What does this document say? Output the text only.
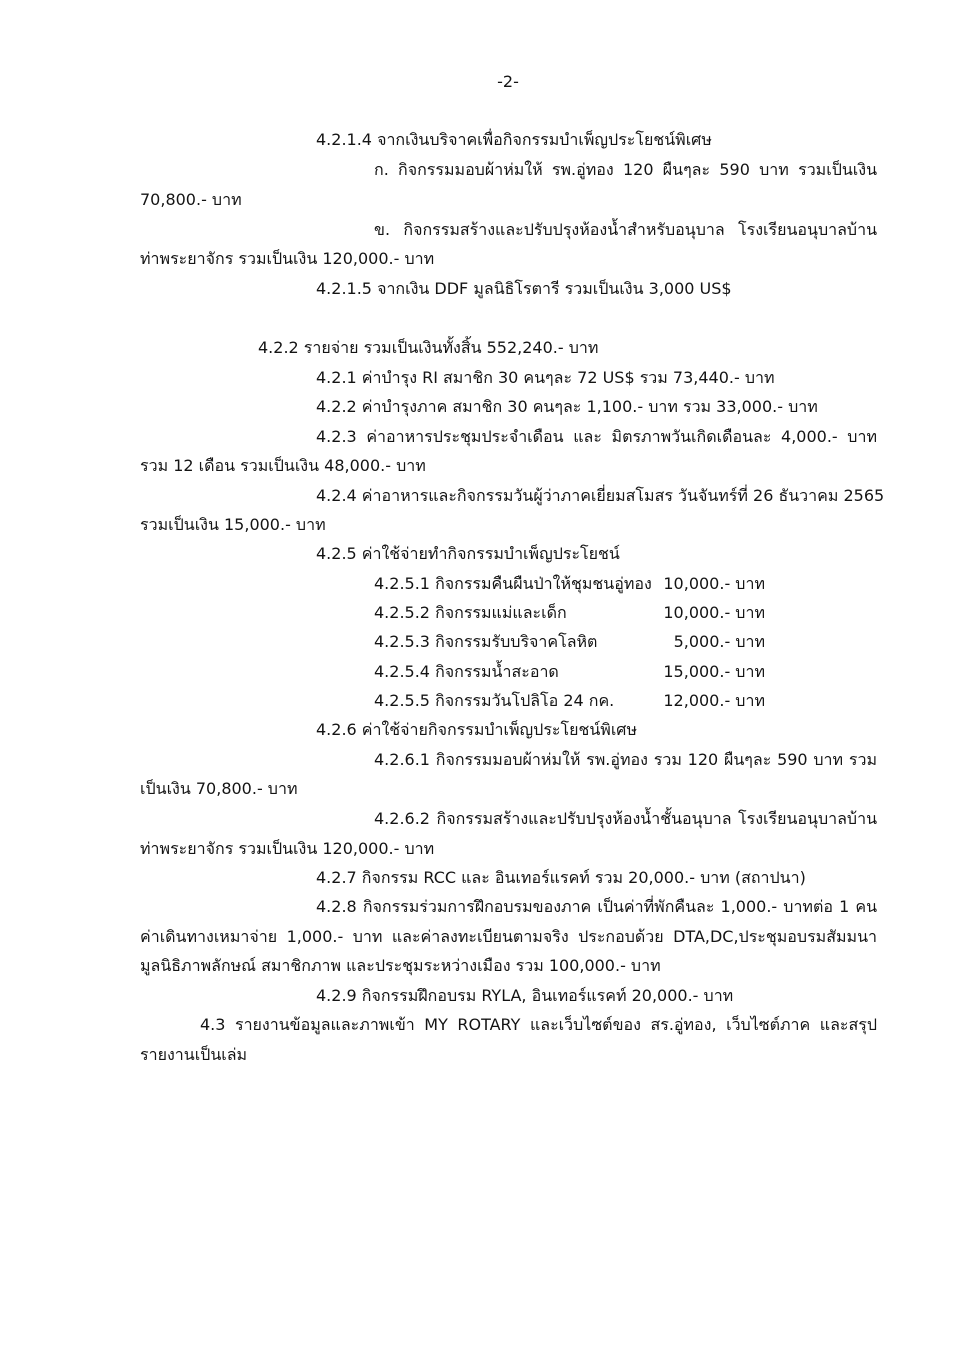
-2-
4.2.1.4 จากเงินบริจาคเพื่อกิจกรรมบำเพ็ญประโยชน์พิเศษ
ก. กิจกรรมมอบผ้าห่มให้ รพ.อู่ทอง 120 ผืนๆละ 590 บาท รวมเป็นเงิน
70,800.- บาท
ข. กิจกรรมสร้างและปรับปรุงห้องน้ำสำหรับอนุบาล โรงเรียนอนุบาลบ้าน
ท่าพระยาจักร รวมเป็นเงิน 120,000.- บาท
4.2.1.5 จากเงิน DDF มูลนิธิโรตารี รวมเป็นเงิน 3,000 US$
4.2.2 รายจ่าย รวมเป็นเงินทั้งสิ้น 552,240.- บาท
4.2.1 ค่าบำรุง RI สมาชิก 30 คนๆละ 72 US$ รวม 73,440.- บาท
4.2.2 ค่าบำรุงภาค สมาชิก 30 คนๆละ 1,100.- บาท รวม 33,000.- บาท
4.2.3 ค่าอาหารประชุมประจำเดือน และ มิตรภาพวันเกิดเดือนละ 4,000.- บาท
รวม 12 เดือน รวมเป็นเงิน 48,000.- บาท
4.2.4 ค่าอาหารและกิจกรรมวันผู้ว่าภาคเยี่ยมสโมสร วันจันทร์ที่ 26 ธันวาคม 2565
รวมเป็นเงิน 15,000.- บาท
4.2.5 ค่าใช้จ่ายทำกิจกรรมบำเพ็ญประโยชน์
4.2.5.1 กิจกรรมคืนผืนป่าให้ชุมชนอู่ทอง 10,000.- บาท
4.2.5.2 กิจกรรมแม่และเด็ก	10,000.- บาท
4.2.5.3 กิจกรรมรับบริจาคโลหิต	5,000.- บาท
4.2.5.4 กิจกรรมน้ำสะอาด	15,000.- บาท
4.2.5.5 กิจกรรมวันโปลิโอ 24 กค.	12,000.- บาท
4.2.6 ค่าใช้จ่ายกิจกรรมบำเพ็ญประโยชน์พิเศษ
4.2.6.1 กิจกรรมมอบผ้าห่มให้ รพ.อู่ทอง รวม 120 ผืนๆละ 590 บาท รวม
เป็นเงิน 70,800.- บาท
4.2.6.2 กิจกรรมสร้างและปรับปรุงห้องน้ำชั้นอนุบาล โรงเรียนอนุบาลบ้าน
ท่าพระยาจักร รวมเป็นเงิน 120,000.- บาท
4.2.7 กิจกรรม RCC และ อินเทอร์แรคท์ รวม 20,000.- บาท (สถาปนา)
4.2.8 กิจกรรมร่วมการฝึกอบรมของภาค เป็นค่าที่พักคืนละ 1,000.- บาทต่อ 1 คน
ค่าเดินทางเหมาจ่าย 1,000.- บาท และค่าลงทะเบียนตามจริง ประกอบด้วย DTA,DC,ประชุมอบรมสัมมนา
มูลนิธิภาพลักษณ์ สมาชิกภาพ และประชุมระหว่างเมือง รวม 100,000.- บาท
4.2.9 กิจกรรมฝึกอบรม RYLA, อินเทอร์แรคท์ 20,000.- บาท
4.3 รายงานข้อมูลและภาพเข้า MY ROTARY และเว็บไซต์ของ สร.อู่ทอง, เว็บไซต์ภาค และสรุป
รายงานเป็นเล่ม
